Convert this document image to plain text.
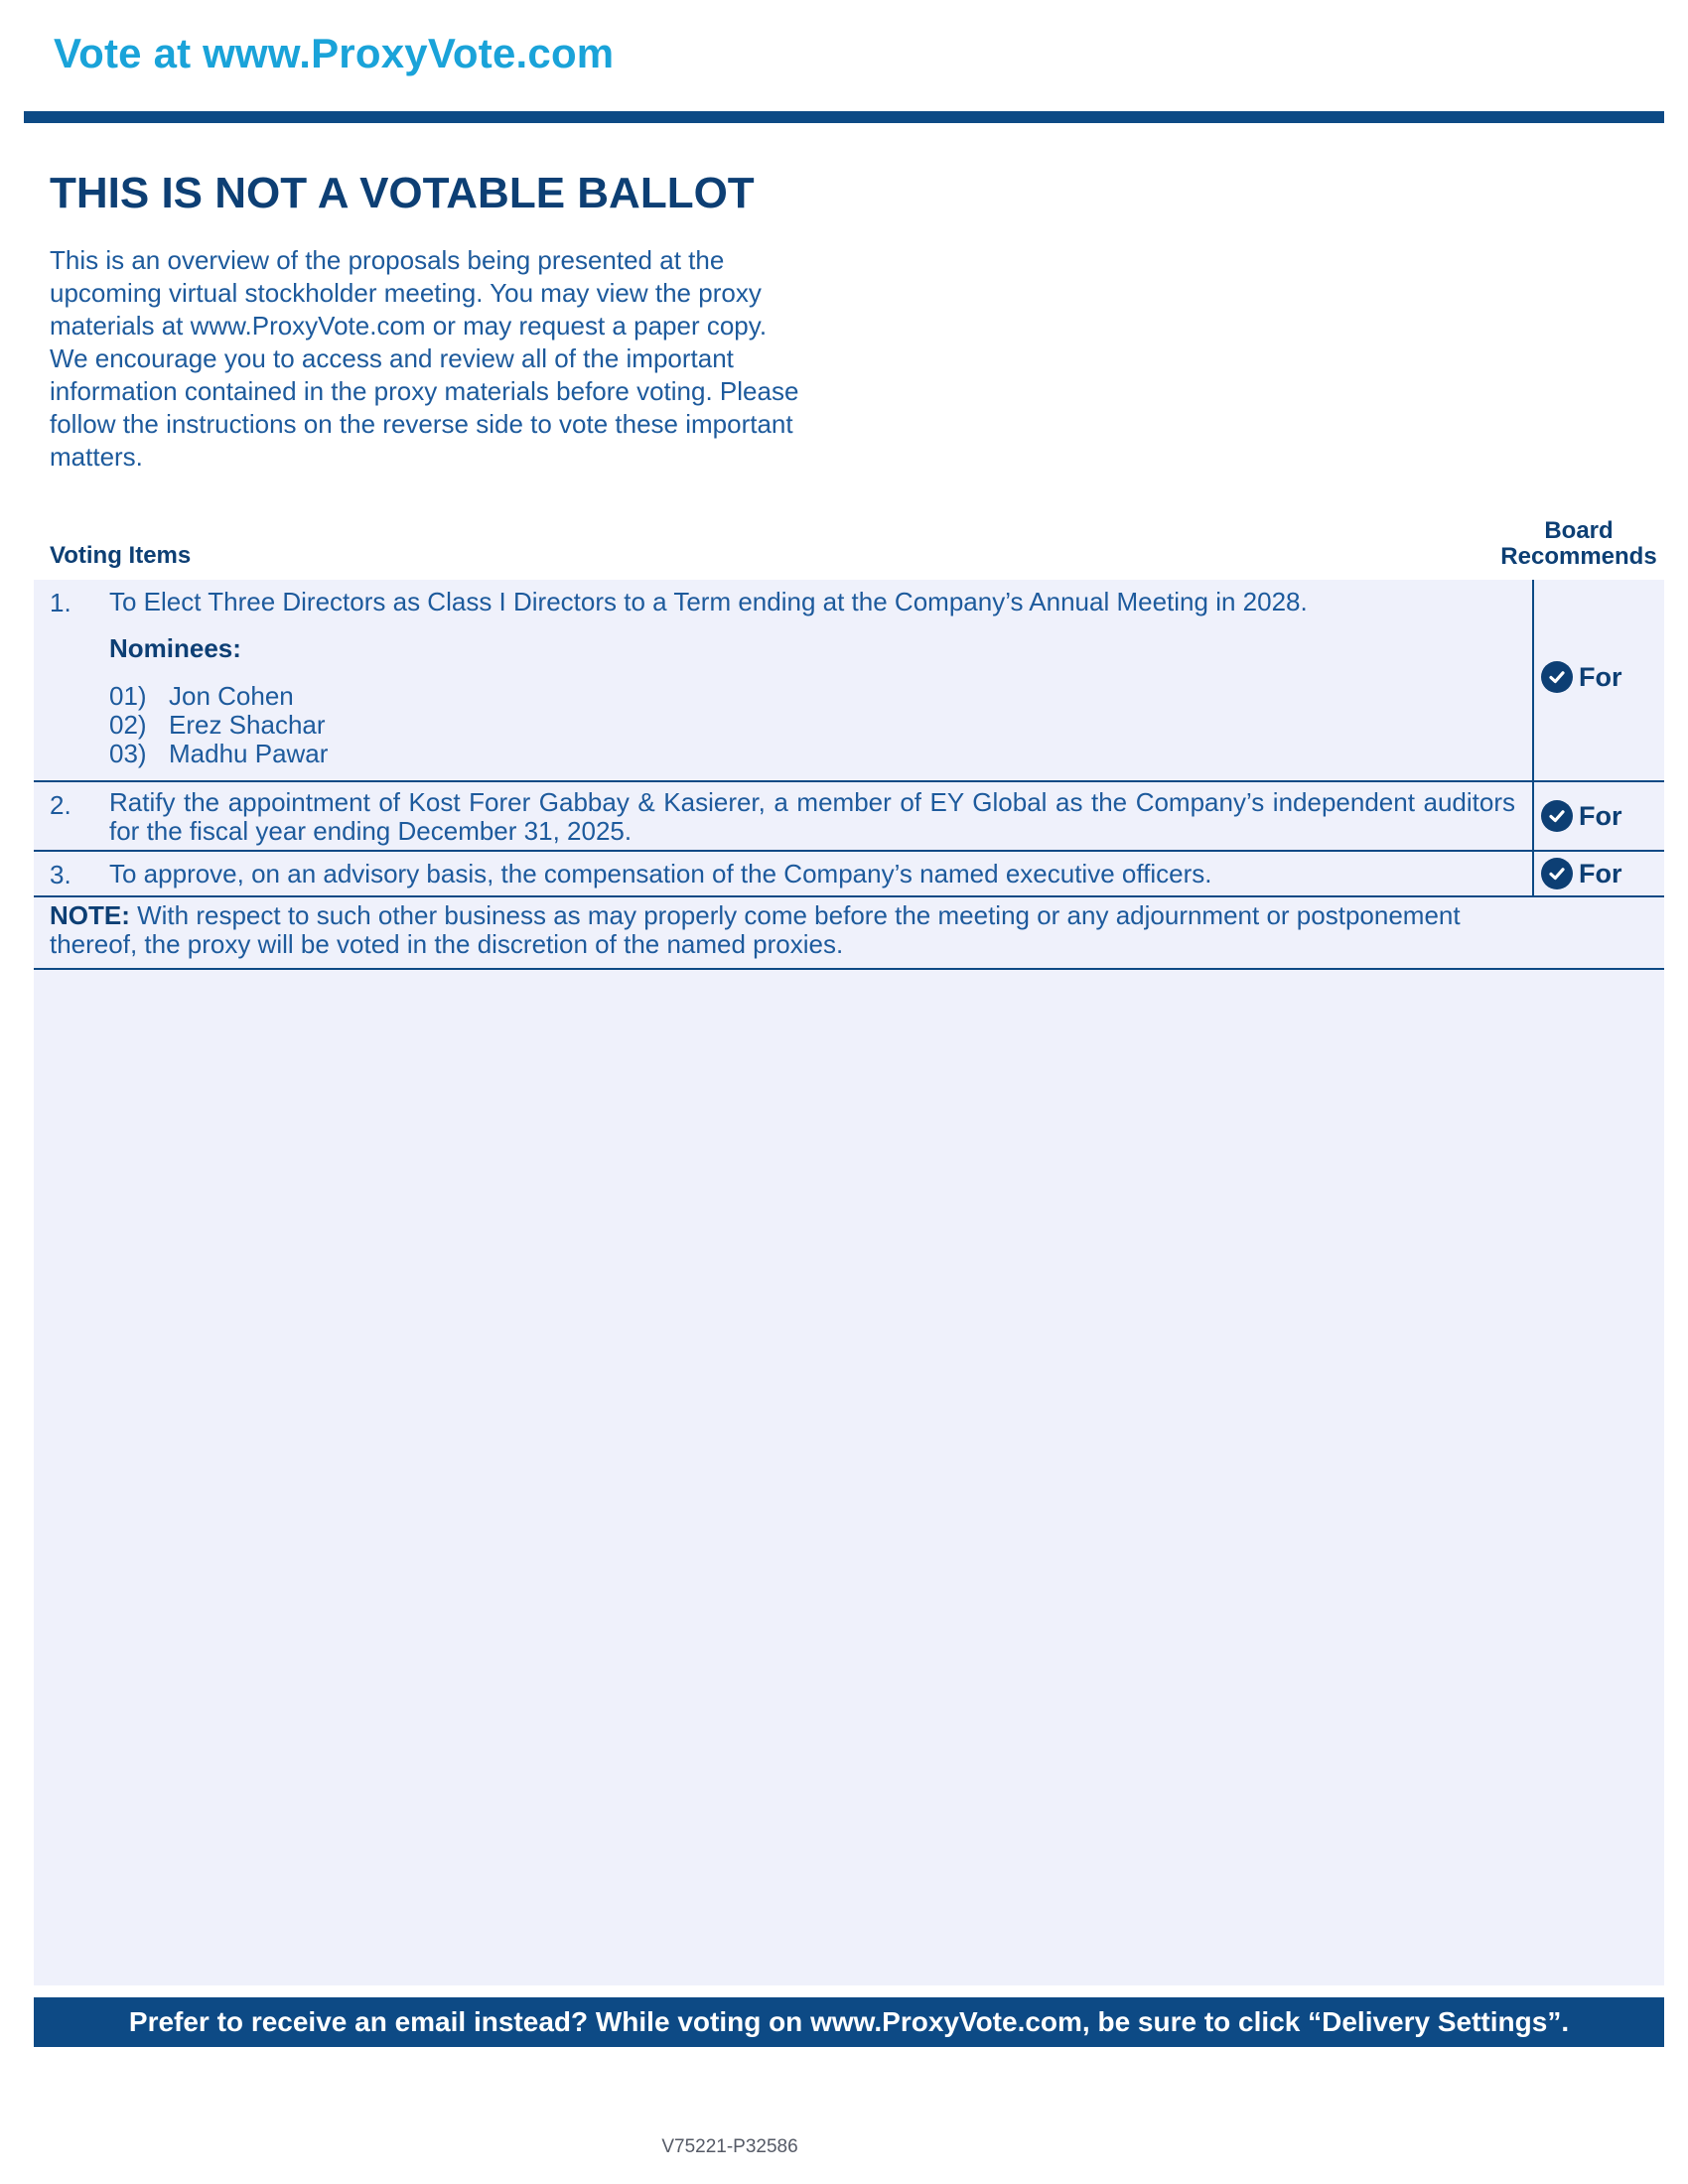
Vote at www.ProxyVote.com
THIS IS NOT A VOTABLE BALLOT
This is an overview of the proposals being presented at the upcoming virtual stockholder meeting. You may view the proxy materials at www.ProxyVote.com or may request a paper copy. We encourage you to access and review all of the important information contained in the proxy materials before voting. Please follow the instructions on the reverse side to vote these important matters.
Voting Items
Board
Recommends
1. To Elect Three Directors as Class I Directors to a Term ending at the Company’s Annual Meeting in 2028.
Nominees:
01) Jon Cohen
02) Erez Shachar
03) Madhu Pawar
For
2. Ratify the appointment of Kost Forer Gabbay & Kasierer, a member of EY Global as the Company’s independent auditors for the fiscal year ending December 31, 2025.
For
3. To approve, on an advisory basis, the compensation of the Company’s named executive officers.	For
NOTE: With respect to such other business as may properly come before the meeting or any adjournment or postponement thereof, the proxy will be voted in the discretion of the named proxies.
Prefer to receive an email instead? While voting on www.ProxyVote.com, be sure to click “Delivery Settings”.
V75221-P32586
